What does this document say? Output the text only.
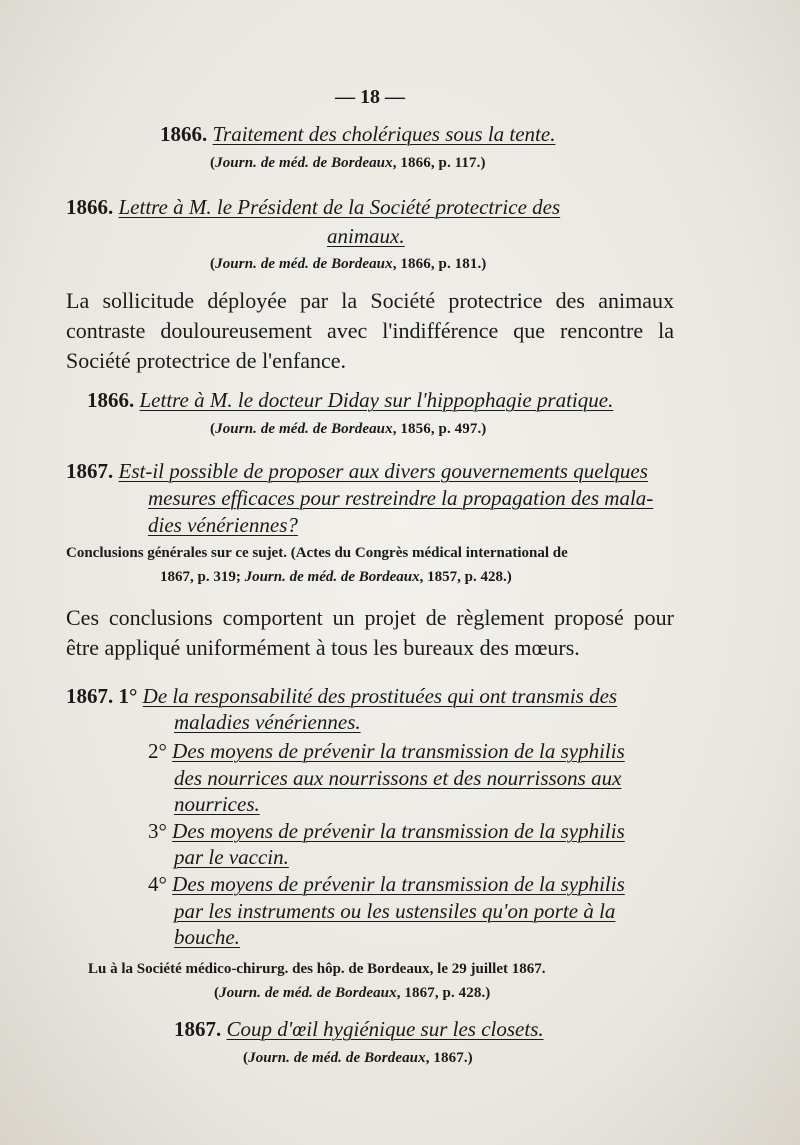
— 18 —
1866. Traitement des cholériques sous la tente.
(Journ. de méd. de Bordeaux, 1866, p. 117.)
1866. Lettre à M. le Président de la Société protectrice des
animaux.
(Journ. de méd. de Bordeaux, 1866, p. 181.)
La sollicitude déployée par la Société protectrice des animaux contraste douloureusement avec l'indifférence que rencontre la Société protectrice de l'enfance.
1866. Lettre à M. le docteur Diday sur l'hippophagie pratique.
(Journ. de méd. de Bordeaux, 1856, p. 497.)
1867. Est-il possible de proposer aux divers gouvernements quelques
mesures efficaces pour restreindre la propagation des mala-
dies vénériennes?
Conclusions générales sur ce sujet. (Actes du Congrès médical international de
1867, p. 319; Journ. de méd. de Bordeaux, 1857, p. 428.)
Ces conclusions comportent un projet de règlement proposé pour être appliqué uniformément à tous les bureaux des mœurs.
1867. 1° De la responsabilité des prostituées qui ont transmis des
maladies vénériennes.
2° Des moyens de prévenir la transmission de la syphilis
des nourrices aux nourrissons et des nourrissons aux
nourrices.
3° Des moyens de prévenir la transmission de la syphilis
par le vaccin.
4° Des moyens de prévenir la transmission de la syphilis
par les instruments ou les ustensiles qu'on porte à la
bouche.
Lu à la Société médico-chirurg. des hôp. de Bordeaux, le 29 juillet 1867.
(Journ. de méd. de Bordeaux, 1867, p. 428.)
1867. Coup d'œil hygiénique sur les closets.
(Journ. de méd. de Bordeaux, 1867.)
